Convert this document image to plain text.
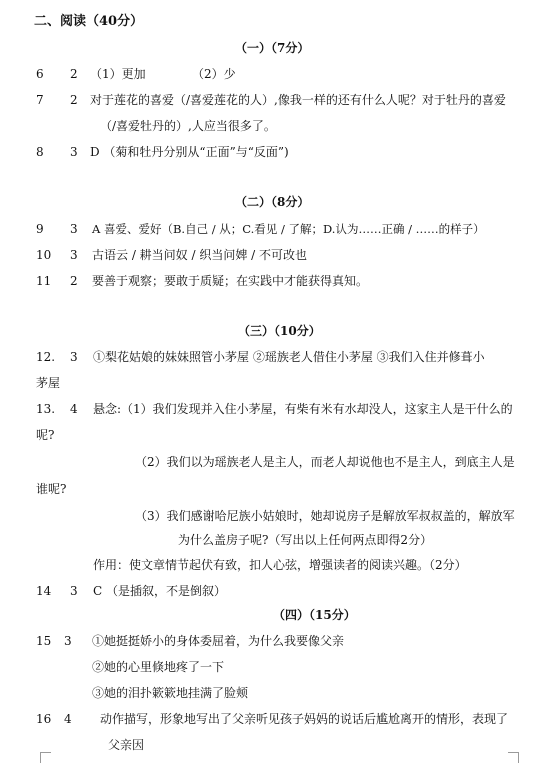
二、阅读（40分）
（一）（7分）
6 2 （1）更加	（2）少
7 2 对于莲花的喜爱（/喜爱莲花的人）,像我一样的还有什么人呢？对于牡丹的喜爱
（/喜爱牡丹的）,人应当很多了。
8 3 D （菊和牡丹分别从“正面”与“反面”)
（二）（8分）
9 3 A 喜爱、爱好（B.自己 / 从；C.看见 / 了解；D.认为……正确 / ……的样子）
10 3 古语云 / 耕当问奴 / 织当问婢 / 不可改也
11 2 要善于观察；要敢于质疑；在实践中才能获得真知。
（三）（10分）
12. 3 ①梨花姑娘的妹妹照管小茅屋 ②瑶族老人借住小茅屋 ③我们入住并修葺小
茅屋
13. 4 悬念:（1）我们发现并入住小茅屋，有柴有米有水却没人，这家主人是干什么的
呢?
（2）我们以为瑶族老人是主人，而老人却说他也不是主人，到底主人是
谁呢?
（3）我们感谢哈尼族小姑娘时，她却说房子是解放军叔叔盖的，解放军
为什么盖房子呢?（写出以上任何两点即得2分）
作用：使文章情节起伏有致，扣人心弦，增强读者的阅读兴趣。（2分）
14 3 C （是插叙，不是倒叙）
（四）（15分）
15 3 ①她挺挺娇小的身体委屈着，为什么我要像父亲
②她的心里倏地疼了一下
③她的泪扑簌簌地挂满了脸颊
16 4 动作描写，形象地写出了父亲听见孩子妈妈的说话后尴尬离开的情形，表现了
父亲因
